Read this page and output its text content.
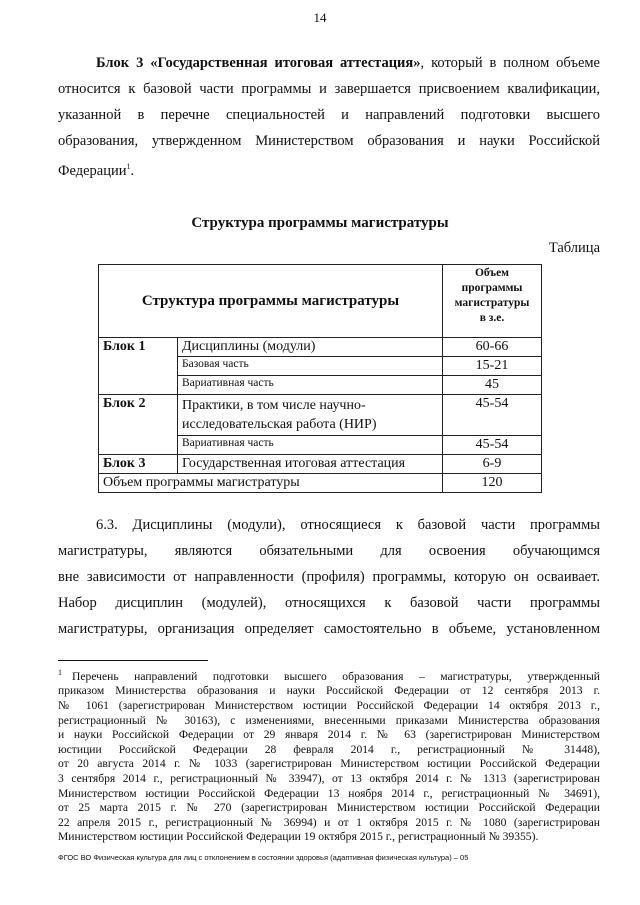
14
Блок 3 «Государственная итоговая аттестация», который в полном объеме
относится к базовой части программы и завершается присвоением квалификации,
указанной в перечне специальностей и направлений подготовки высшего
образования, утвержденном Министерством образования и науки Российской
Федерации$^1$.
Структура программы магистратуры
Таблица
Структура программы магистратуры		Объем
программы
магистратуры
в з.е.

Блок 1	Дисциплины (модули)	60-66
	Базовая часть	15-21
	Вариативная часть	45
Блок 2	Практики, в том числе научно-исследовательская работа (НИР)	45-54
	Вариативная часть	45-54
Блок 3	Государственная итоговая аттестация	6-9
Объем программы магистратуры		120
6.3. Дисциплины (модули), относящиеся к базовой части программы
магистратуры, являются обязательными для освоения обучающимся
вне зависимости от направленности (профиля) программы, которую он осваивает.
Набор дисциплин (модулей), относящихся к базовой части программы
магистратуры, организация определяет самостоятельно в объеме, установленном
$^1$ Перечень направлений подготовки высшего образования – магистратуры, утвержденный
приказом Министерства образования и науки Российской Федерации от 12 сентября 2013 г.
№ 1061 (зарегистрирован Министерством юстиции Российской Федерации 14 октября 2013 г.,
регистрационный № 30163), с изменениями, внесенными приказами Министерства образования
и науки Российской Федерации от 29 января 2014 г. № 63 (зарегистрирован Министерством
юстиции Российской Федерации 28 февраля 2014 г., регистрационный № 31448),
от 20 августа 2014 г. № 1033 (зарегистрирован Министерством юстиции Российской Федерации
3 сентября 2014 г., регистрационный № 33947), от 13 октября 2014 г. № 1313 (зарегистрирован
Министерством юстиции Российской Федерации 13 ноября 2014 г., регистрационный № 34691),
от 25 марта 2015 г. № 270 (зарегистрирован Министерством юстиции Российской Федерации
22 апреля 2015 г., регистрационный № 36994) и от 1 октября 2015 г. № 1080 (зарегистрирован
Министерством юстиции Российской Федерации 19 октября 2015 г., регистрационный № 39355).
ФГОС ВО Физическая культура для лиц с отклонением в состоянии здоровья (адаптивная физическая культура) – 05
